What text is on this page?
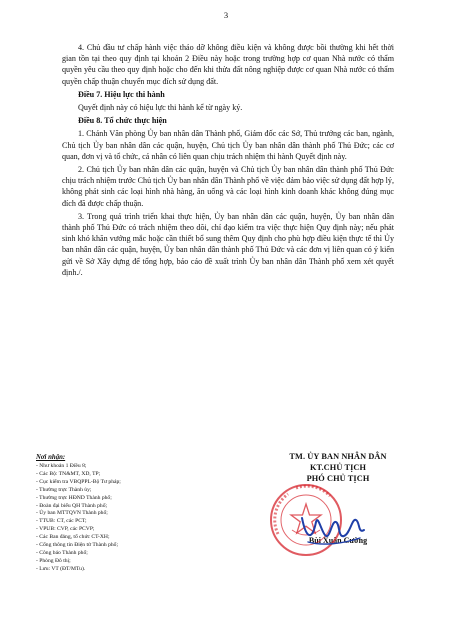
3

4. Chủ đầu tư chấp hành việc tháo dỡ không điều kiện và không được bồi thường khi hết thời gian tồn tại theo quy định tại khoản 2 Điều này hoặc trong trường hợp cơ quan Nhà nước có thẩm quyền yêu cầu theo quy định hoặc cho đến khi thửa đất nông nghiệp được cơ quan Nhà nước có thẩm quyền chấp thuận chuyển mục đích sử dụng đất.

Điều 7. Hiệu lực thi hành

Quyết định này có hiệu lực thi hành kể từ ngày ký.

Điều 8. Tổ chức thực hiện

1. Chánh Văn phòng Ủy ban nhân dân Thành phố, Giám đốc các Sở, Thủ trưởng các ban, ngành, Chủ tịch Ủy ban nhân dân các quận, huyện, Chủ tịch Ủy ban nhân dân thành phố Thủ Đức; các cơ quan, đơn vị và tổ chức, cá nhân có liên quan chịu trách nhiệm thi hành Quyết định này.

2. Chủ tịch Ủy ban nhân dân các quận, huyện và Chủ tịch Ủy ban nhân dân thành phố Thủ Đức chịu trách nhiệm trước Chủ tịch Ủy ban nhân dân Thành phố về việc đảm bảo việc sử dụng đất hợp lý, không phát sinh các loại hình nhà hàng, ăn uống và các loại hình kinh doanh khác không đúng mục đích đã được chấp thuận.

3. Trong quá trình triển khai thực hiện, Ủy ban nhân dân các quận, huyện, Ủy ban nhân dân thành phố Thủ Đức có trách nhiệm theo dõi, chỉ đạo kiểm tra việc thực hiện Quy định này; nếu phát sinh khó khăn vướng mắc hoặc cần thiết bổ sung thêm Quy định cho phù hợp điều kiện thực tế thì Ủy ban nhân dân các quận, huyện, Ủy ban nhân dân thành phố Thủ Đức và các đơn vị liên quan có ý kiến gửi về Sở Xây dựng để tổng hợp, báo cáo đề xuất trình Ủy ban nhân dân Thành phố xem xét quyết định./.

Nơi nhận:
- Như khoản 1 Điều 8;
- Các Bộ: TN&MT, XD, TP;
- Cục kiểm tra VBQPPL-Bộ Tư pháp;
- Thường trực Thành ủy;
- Thường trực HĐND Thành phố;
- Đoàn đại biểu QH Thành phố;
- Ủy ban MTTQVN Thành phố;
- TTUB: CT, các PCT;
- VPUB: CVP, các PCVP;
- Các Ban đảng, tổ chức CT-XH;
- Cổng thông tin Điện tử Thành phố;
- Công báo Thành phố;
- Phòng Đô thị;
- Lưu: VT (ĐT/MTu).
TM. ỦY BAN NHÂN DÂN
KT.CHỦ TỊCH
PHÓ CHỦ TỊCH
Bùi Xuân Cường
